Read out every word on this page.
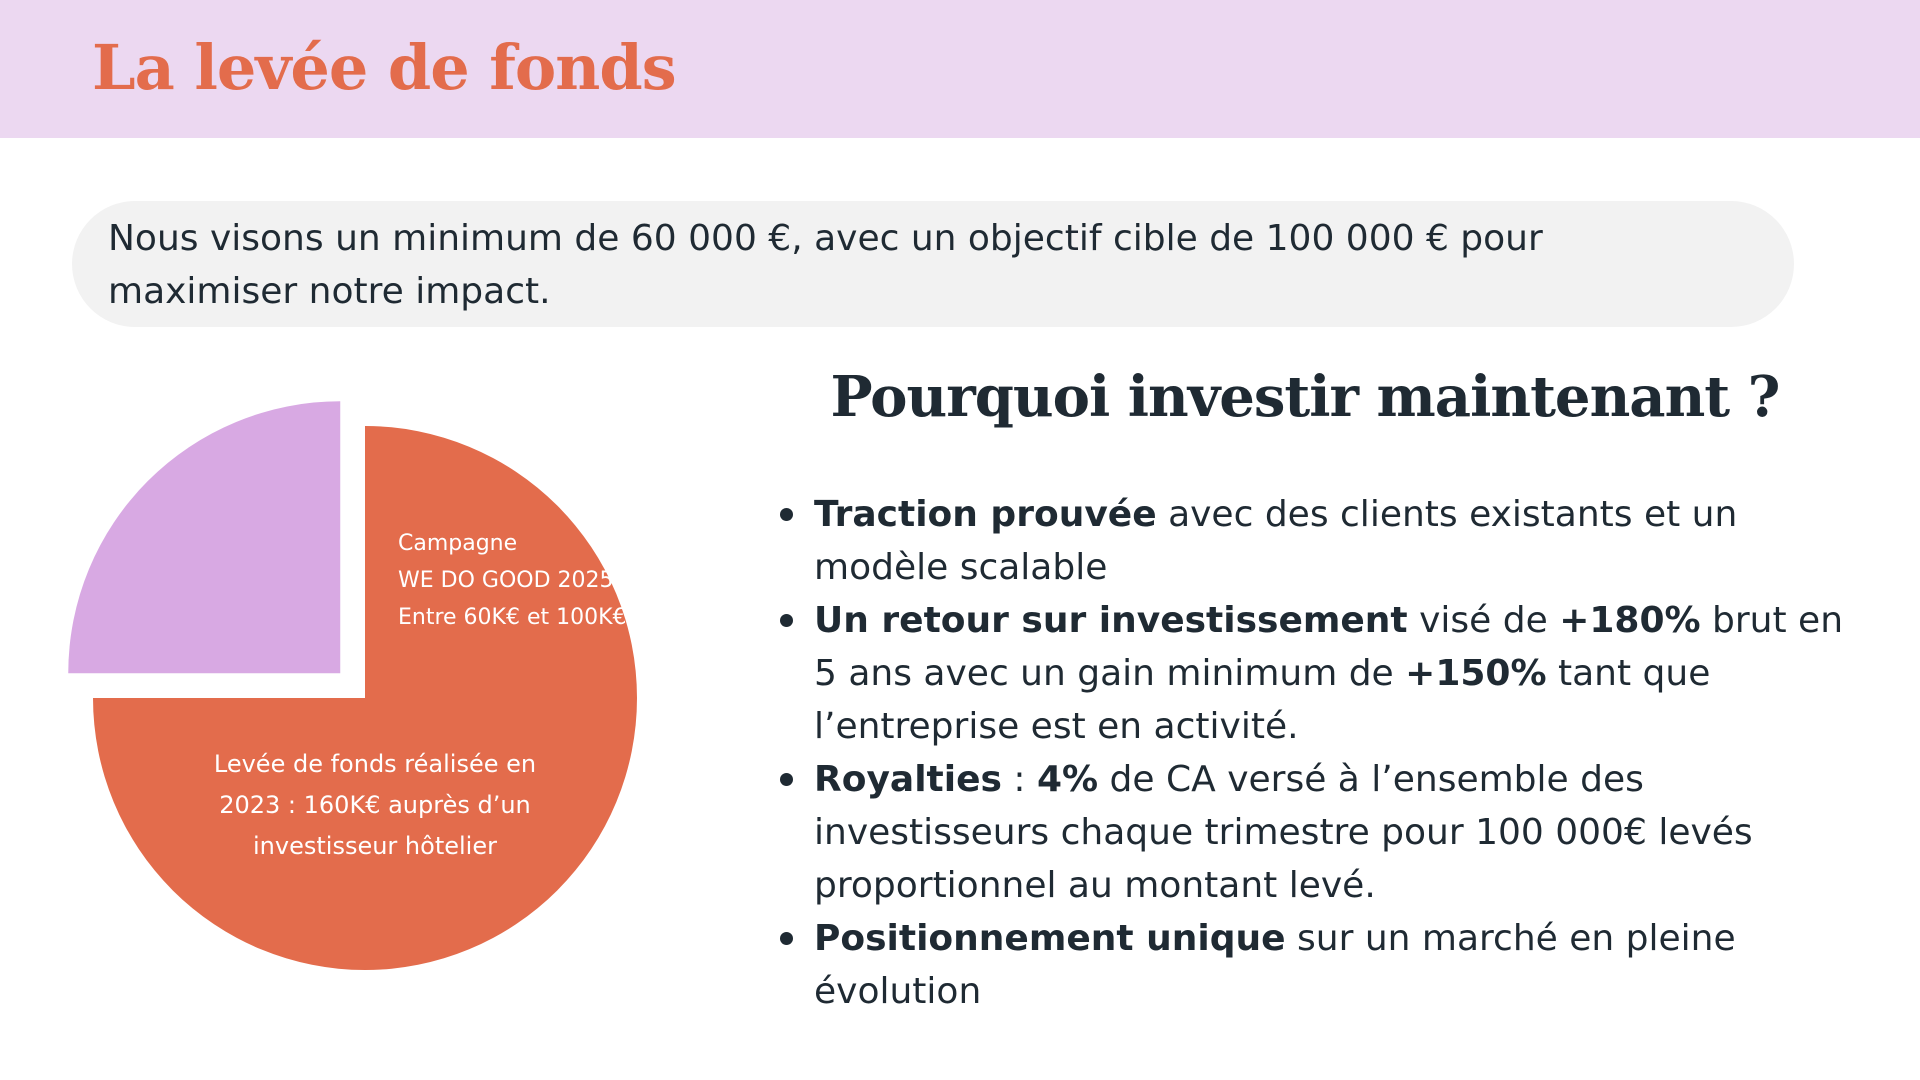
La levée de fonds

Nous visons un minimum de 60 000 €, avec un objectif cible de 100 000 € pour maximiser notre impact.

Levée de fonds réalisée en 2023 : 160K€ auprès d’un investisseur hôtelier
Campagne WE DO GOOD 2025 Entre 60K€ et 100K€
Pourquoi investir maintenant ?
Traction prouvée avec des clients existants et un modèle scalable
Un retour sur investissement visé de +180% brut en 5 ans avec un gain minimum de +150% tant que l’entreprise est en activité.
Royalties : 4% de CA versé à l’ensemble des investisseurs chaque trimestre pour 100 000€ levés proportionnel au montant levé.
Positionnement unique sur un marché en pleine évolution
